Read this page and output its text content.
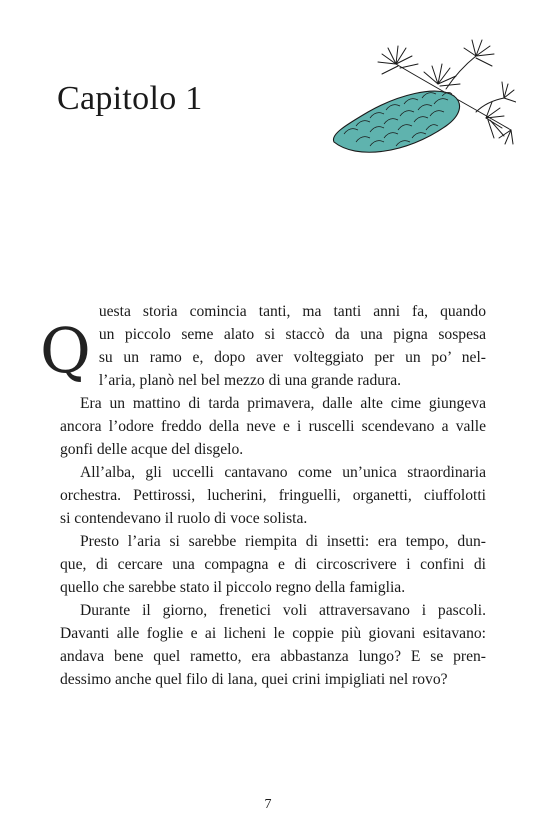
Capitolo 1
Q
uesta storia comincia tanti, ma tanti anni fa, quando
un piccolo seme alato si staccò da una pigna sospesa
su un ramo e, dopo aver volteggiato per un po’ nel-
l’aria, planò nel bel mezzo di una grande radura.
Era un mattino di tarda primavera, dalle alte cime giungeva
ancora l’odore freddo della neve e i ruscelli scendevano a valle
gonfi delle acque del disgelo.
All’alba, gli uccelli cantavano come un’unica straordinaria
orchestra. Pettirossi, lucherini, fringuelli, organetti, ciuffolotti
si contendevano il ruolo di voce solista.
Presto l’aria si sarebbe riempita di insetti: era tempo, dun-
que, di cercare una compagna e di circoscrivere i confini di
quello che sarebbe stato il piccolo regno della famiglia.
Durante il giorno, frenetici voli attraversavano i pascoli.
Davanti alle foglie e ai licheni le coppie più giovani esitavano:
andava bene quel rametto, era abbastanza lungo? E se pren-
dessimo anche quel filo di lana, quei crini impigliati nel rovo?
7
